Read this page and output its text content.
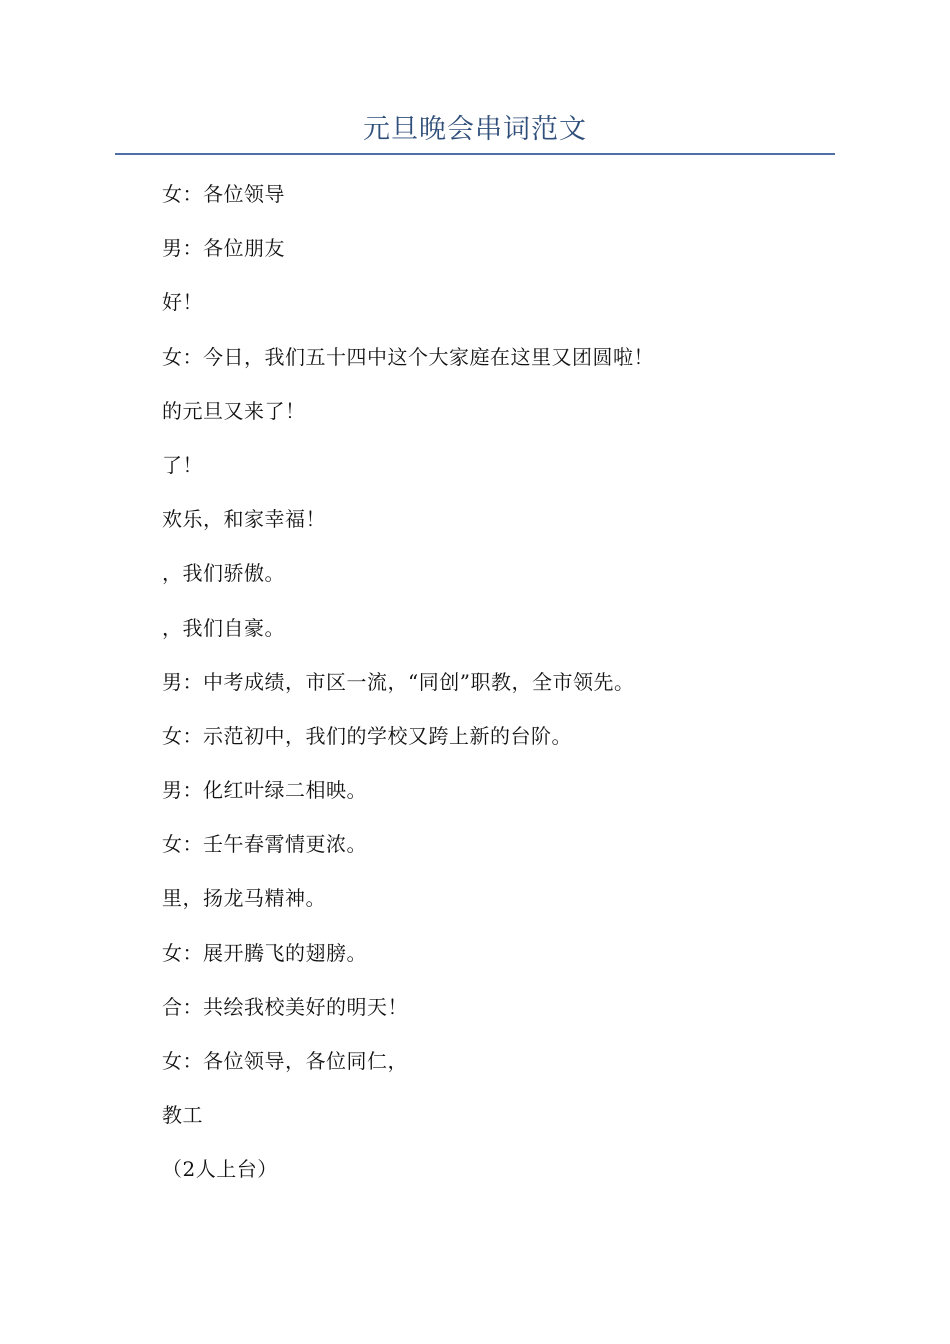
元旦晚会串词范文
女：各位领导
男：各位朋友
好！
女：今日，我们五十四中这个大家庭在这里又团圆啦！
的元旦又来了！
了！
欢乐，和家幸福！
，我们骄傲。
，我们自豪。
男：中考成绩，市区一流，“同创”职教，全市领先。
女：示范初中，我们的学校又跨上新的台阶。
男：化红叶绿二相映。
女：壬午春霄情更浓。
里，扬龙马精神。
女：展开腾飞的翅膀。
合：共绘我校美好的明天！
女：各位领导，各位同仁，
教工
（2人上台）
